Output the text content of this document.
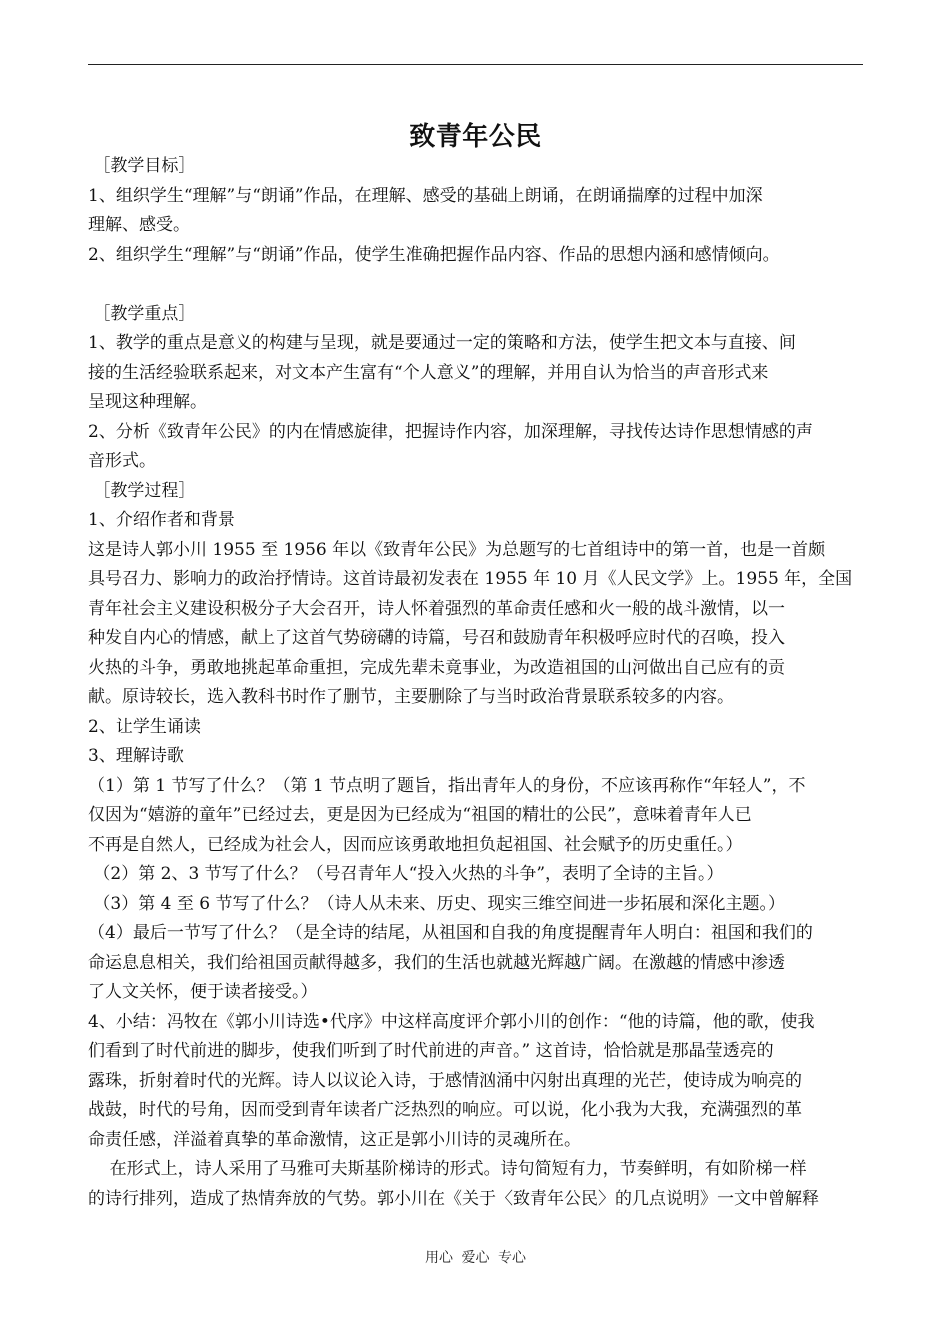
致青年公民
［教学目标］
1、组织学生“理解”与“朗诵”作品，在理解、感受的基础上朗诵，在朗诵揣摩的过程中加深
理解、感受。
2、组织学生“理解”与“朗诵”作品，使学生准确把握作品内容、作品的思想内涵和感情倾向。
［教学重点］
1、教学的重点是意义的构建与呈现，就是要通过一定的策略和方法，使学生把文本与直接、间
接的生活经验联系起来，对文本产生富有“个人意义”的理解，并用自认为恰当的声音形式来
呈现这种理解。
2、分析《致青年公民》的内在情感旋律，把握诗作内容，加深理解，寻找传达诗作思想情感的声
音形式。
［教学过程］
1、介绍作者和背景
这是诗人郭小川 1955 至 1956 年以《致青年公民》为总题写的七首组诗中的第一首，也是一首颇
具号召力、影响力的政治抒情诗。这首诗最初发表在 1955 年 10 月《人民文学》上。1955 年，全国
青年社会主义建设积极分子大会召开，诗人怀着强烈的革命责任感和火一般的战斗激情，以一
种发自内心的情感，献上了这首气势磅礴的诗篇，号召和鼓励青年积极呼应时代的召唤，投入
火热的斗争，勇敢地挑起革命重担，完成先辈未竟事业，为改造祖国的山河做出自己应有的贡
献。原诗较长，选入教科书时作了删节，主要删除了与当时政治背景联系较多的内容。
2、让学生诵读
3、理解诗歌
（1）第 1 节写了什么？（第 1 节点明了题旨，指出青年人的身份，不应该再称作“年轻人”，不
仅因为“嬉游的童年”已经过去，更是因为已经成为“祖国的精壮的公民”，意味着青年人已
不再是自然人，已经成为社会人，因而应该勇敢地担负起祖国、社会赋予的历史重任。）
（2）第 2、3 节写了什么？（号召青年人“投入火热的斗争”，表明了全诗的主旨。）
（3）第 4 至 6 节写了什么？（诗人从未来、历史、现实三维空间进一步拓展和深化主题。）
（4）最后一节写了什么？（是全诗的结尾，从祖国和自我的角度提醒青年人明白：祖国和我们的
命运息息相关，我们给祖国贡献得越多，我们的生活也就越光辉越广阔。在激越的情感中渗透
了人文关怀，便于读者接受。）
4、小结：冯牧在《郭小川诗选•代序》中这样高度评介郭小川的创作：“他的诗篇，他的歌，使我
们看到了时代前进的脚步，使我们听到了时代前进的声音。” 这首诗，恰恰就是那晶莹透亮的
露珠，折射着时代的光辉。诗人以议论入诗，于感情汹涌中闪射出真理的光芒，使诗成为响亮的
战鼓，时代的号角，因而受到青年读者广泛热烈的响应。可以说，化小我为大我，充满强烈的革
命责任感，洋溢着真挚的革命激情，这正是郭小川诗的灵魂所在。
在形式上，诗人采用了马雅可夫斯基阶梯诗的形式。诗句简短有力，节奏鲜明，有如阶梯一样
的诗行排列，造成了热情奔放的气势。郭小川在《关于〈致青年公民〉的几点说明》一文中曾解释
用心 爱心 专心
